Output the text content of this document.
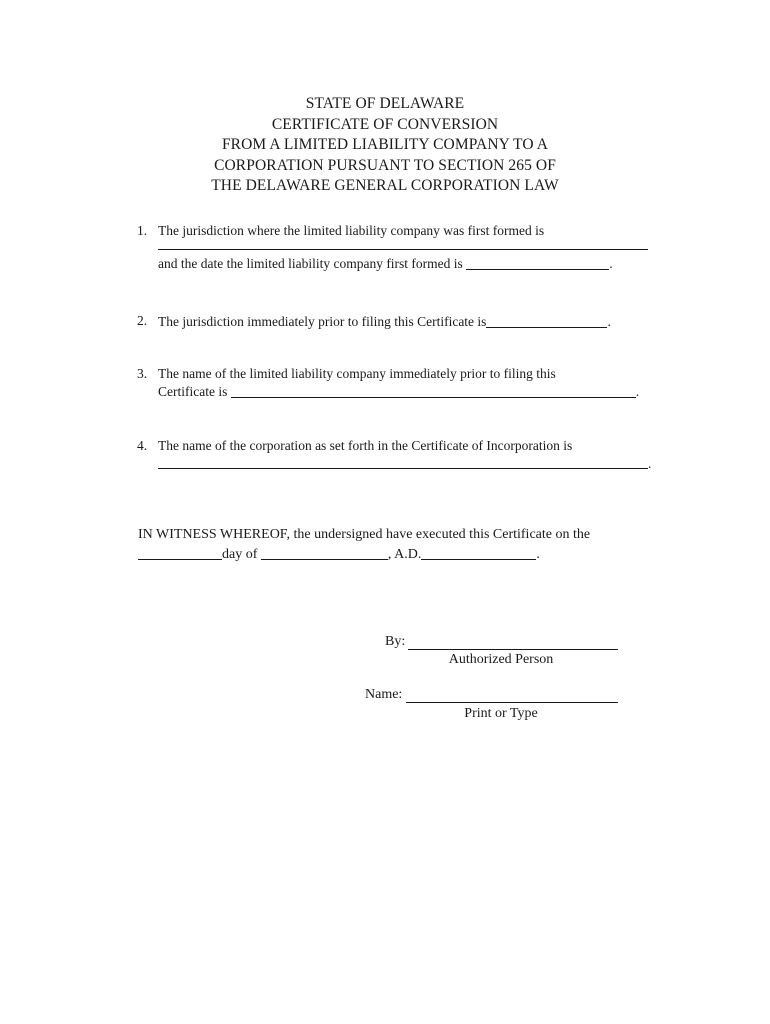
STATE OF DELAWARE
CERTIFICATE OF CONVERSION
FROM A LIMITED LIABILITY COMPANY TO A
CORPORATION PURSUANT TO SECTION 265 OF
THE DELAWARE GENERAL CORPORATION LAW
1. The jurisdiction where the limited liability company was first formed is
and the date the limited liability company first formed is	.
2. The jurisdiction immediately prior to filing this Certificate is	.
3. The name of the limited liability company immediately prior to filing this
Certificate is	.
4. The name of the corporation as set forth in the Certificate of Incorporation is
.
IN WITNESS WHEREOF, the undersigned have executed this Certificate on the
day of	, A.D.	.
By:
Authorized Person
Name:
Print or Type
